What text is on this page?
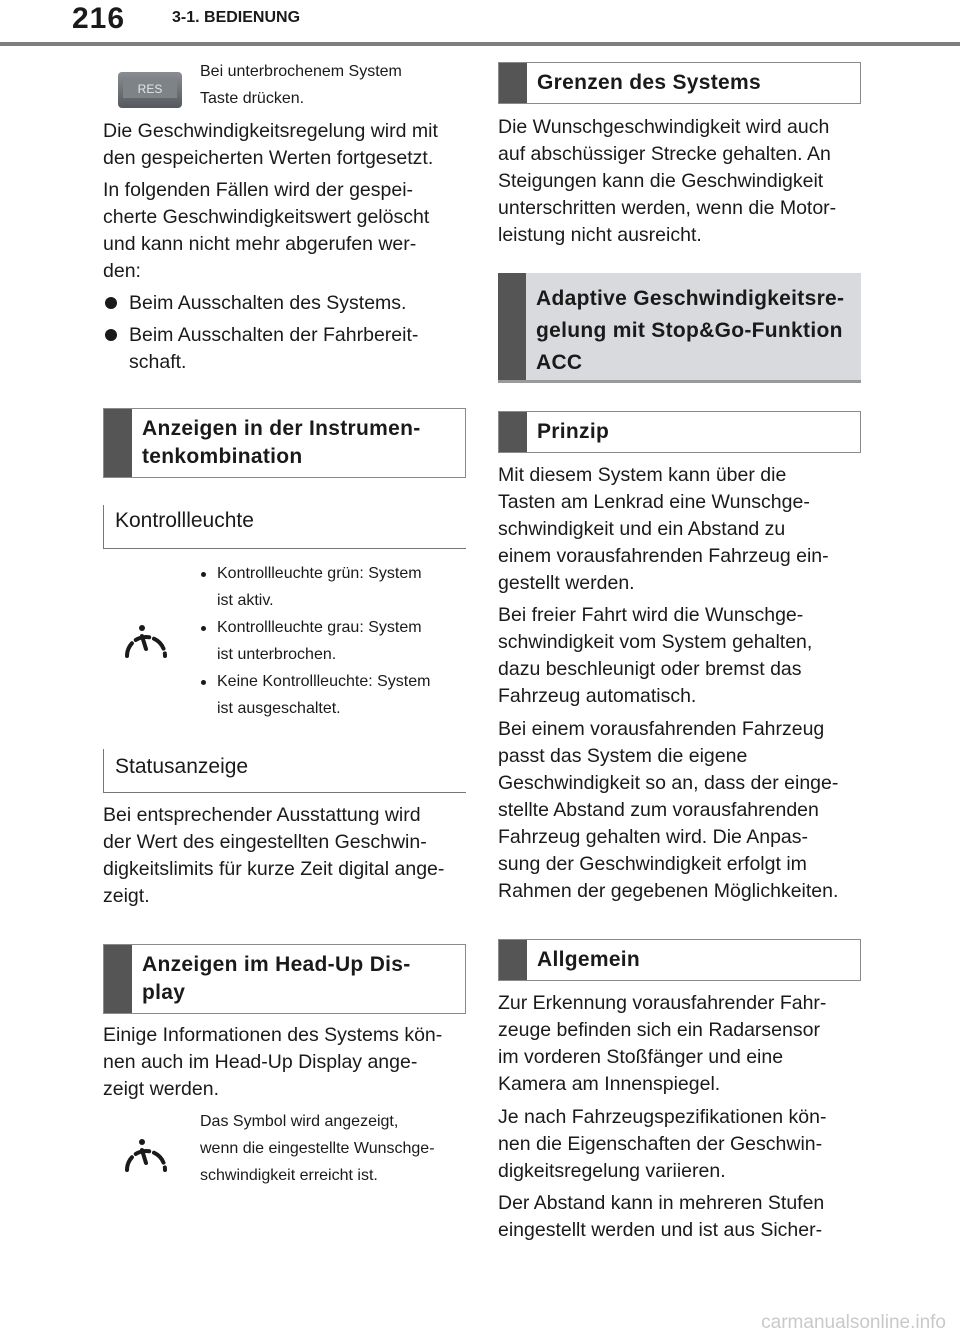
216	3-1. BEDIENUNG
RES
Bei unterbrochenem System
Taste drücken.
Die Geschwindigkeitsregelung wird mit
den gespeicherten Werten fortgesetzt.
In folgenden Fällen wird der gespei-
cherte Geschwindigkeitswert gelöscht
und kann nicht mehr abgerufen wer-
den:
Beim Ausschalten des Systems.
Beim Ausschalten der Fahrbereit-
schaft.
Anzeigen in der Instrumen-
tenkombination
Kontrollleuchte
Kontrollleuchte grün: System
ist aktiv.
Kontrollleuchte grau: System
ist unterbrochen.
Keine Kontrollleuchte: System
ist ausgeschaltet.
Statusanzeige
Bei entsprechender Ausstattung wird
der Wert des eingestellten Geschwin-
digkeitslimits für kurze Zeit digital ange-
zeigt.
Anzeigen im Head-Up Dis-
play
Einige Informationen des Systems kön-
nen auch im Head-Up Display ange-
zeigt werden.
Das Symbol wird angezeigt,
wenn die eingestellte Wunschge-
schwindigkeit erreicht ist.
Grenzen des Systems
Die Wunschgeschwindigkeit wird auch
auf abschüssiger Strecke gehalten. An
Steigungen kann die Geschwindigkeit
unterschritten werden, wenn die Motor-
leistung nicht ausreicht.
Adaptive Geschwindigkeitsre-
gelung mit Stop&Go-Funktion
ACC
Prinzip
Mit diesem System kann über die
Tasten am Lenkrad eine Wunschge-
schwindigkeit und ein Abstand zu
einem vorausfahrenden Fahrzeug ein-
gestellt werden.
Bei freier Fahrt wird die Wunschge-
schwindigkeit vom System gehalten,
dazu beschleunigt oder bremst das
Fahrzeug automatisch.
Bei einem vorausfahrenden Fahrzeug
passt das System die eigene
Geschwindigkeit so an, dass der einge-
stellte Abstand zum vorausfahrenden
Fahrzeug gehalten wird. Die Anpas-
sung der Geschwindigkeit erfolgt im
Rahmen der gegebenen Möglichkeiten.
Allgemein
Zur Erkennung vorausfahrender Fahr-
zeuge befinden sich ein Radarsensor
im vorderen Stoßfänger und eine
Kamera am Innenspiegel.
Je nach Fahrzeugspezifikationen kön-
nen die Eigenschaften der Geschwin-
digkeitsregelung variieren.
Der Abstand kann in mehreren Stufen
eingestellt werden und ist aus Sicher-
carmanualsonline.info
